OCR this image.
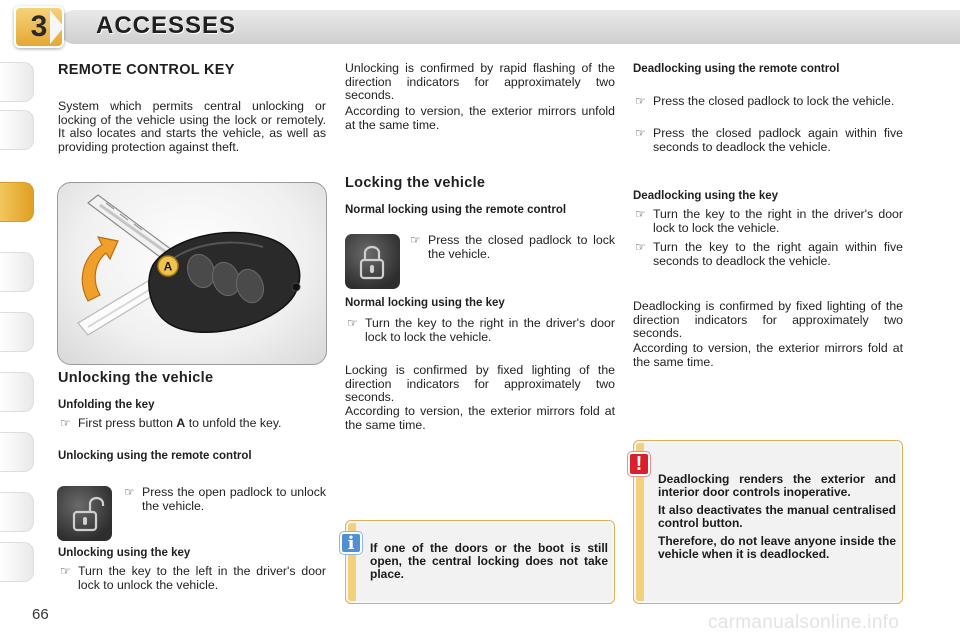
3	ACCESSES
REMOTE CONTROL KEY
System which permits central unlocking or locking of the vehicle using the lock or remotely. It also locates and starts the vehicle, as well as providing protection against theft.
A
Unlocking the vehicle
Unfolding the key
☞ First press button A to unfold the key.
Unlocking using the remote control
☞ Press the open padlock to unlock the vehicle.
Unlocking using the key
☞ Turn the key to the left in the driver's door lock to unlock the vehicle.
Unlocking is confirmed by rapid flashing of the direction indicators for approximately two seconds.
According to version, the exterior mirrors unfold at the same time.
Locking the vehicle
Normal locking using the remote control
☞ Press the closed padlock to lock the vehicle.
Normal locking using the key
☞ Turn the key to the right in the driver's door lock to lock the vehicle.
Locking is confirmed by fixed lighting of the direction indicators for approximately two seconds.
According to version, the exterior mirrors fold at the same time.
i	If one of the doors or the boot is still open, the central locking does not take place.
Deadlocking using the remote control
☞ Press the closed padlock to lock the vehicle.
☞ Press the closed padlock again within five seconds to deadlock the vehicle.
Deadlocking using the key
☞ Turn the key to the right in the driver's door lock to lock the vehicle.
☞ Turn the key to the right again within five seconds to deadlock the vehicle.
Deadlocking is confirmed by fixed lighting of the direction indicators for approximately two seconds.
According to version, the exterior mirrors fold at the same time.
!
Deadlocking renders the exterior and interior door controls inoperative.
It also deactivates the manual centralised control button.
Therefore, do not leave anyone inside the vehicle when it is deadlocked.
66	carmanualsonline.info
